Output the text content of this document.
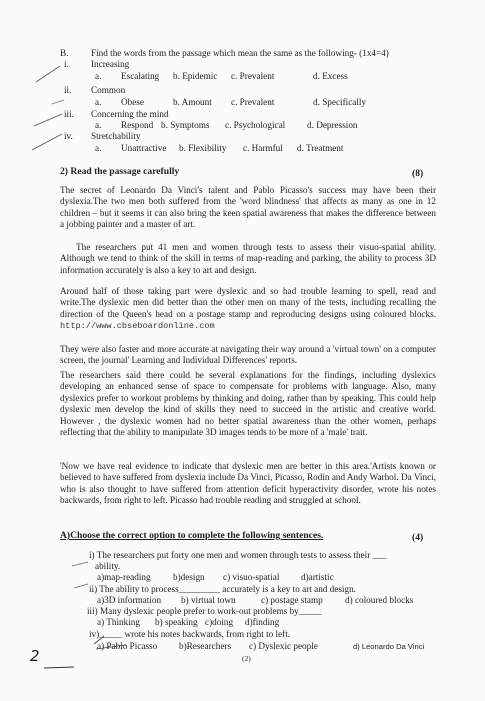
B. Find the words from the passage which mean the same as the following- (1x4=4)
i. Increasing
a. Escalating b. Epidemic c. Prevalent	d. Excess
ii. Common
a. Obese	b. Amount c. Prevalent	d. Specifically
iii. Concerning the mind
a. Respond b. Symptoms c. Psychological d. Depression
iv. Stretchability
a. Unattractive b. Flexibility c. Harmful d. Treatment
2) Read the passage carefully	(8)
The secret of Leonardo Da Vinci's talent and Pablo Picasso's success may have been their dyslexia.The two men both suffered from the 'word blindness' that affects as many as one in 12 children – but it seems it can also bring the keen spatial awareness that makes the difference between a jobbing painter and a master of art.
The researchers put 41 men and women through tests to assess their visuo-spatial ability. Although we tend to think of the skill in terms of map-reading and parking, the ability to process 3D information accurately is also a key to art and design.
Around half of those taking part were dyslexic and so had trouble learning to spell, read and write.The dyslexic men did better than the other men on many of the tests, including recalling the direction of the Queen's head on a postage stamp and reproducing designs using coloured blocks. http://www.cbseboardonline.com
They were also faster and more accurate at navigating their way around a 'virtual town' on a computer screen, the journal' Learning and Individual Differences' reports.
The researchers said there could be several explanations for the findings, including dyslexics developing an enhanced sense of space to compensate for problems with language. Also, many dyslexics prefer to workout problems by thinking and doing, rather than by speaking. This could help dyslexic men develop the kind of skills they need to succeed in the artistic and creative world. However , the dyslexic women had no better spatial awareness than the other women, perhaps reflecting that the ability to manipulate 3D images tends to be more of a 'male' trait.
'Now we have real evidence to indicate that dyslexic men are better in this area.'Artists known or believed to have suffered from dyslexia include Da Vinci, Picasso, Rodin and Andy Warhol. Da Vinci, who is also thought to have suffered from attention deficit hyperactivity disorder, wrote his notes backwards, from right to left. Picasso had trouble reading and struggled at school.
A)Choose the correct option to complete the following sentences.	(4)
i) The researchers put forty one men and women through tests to assess their ___
ability.
a)map-reading b)design c) visuo-spatial d)artistic
ii) The ability to process_________ accurately is a key to art and design.
a)3D information b) virtual town	c) postage stamp d) coloured blocks
iii) Many dyslexic people prefer to work-out problems by_____
a) Thinking b) speaking c)doing d)finding
iv)_____ wrote his notes backwards, from right to left.
a) Pablo Picasso b)Researchers c) Dyslexic people	d) Leonardo Da Vinci
(2)
2
